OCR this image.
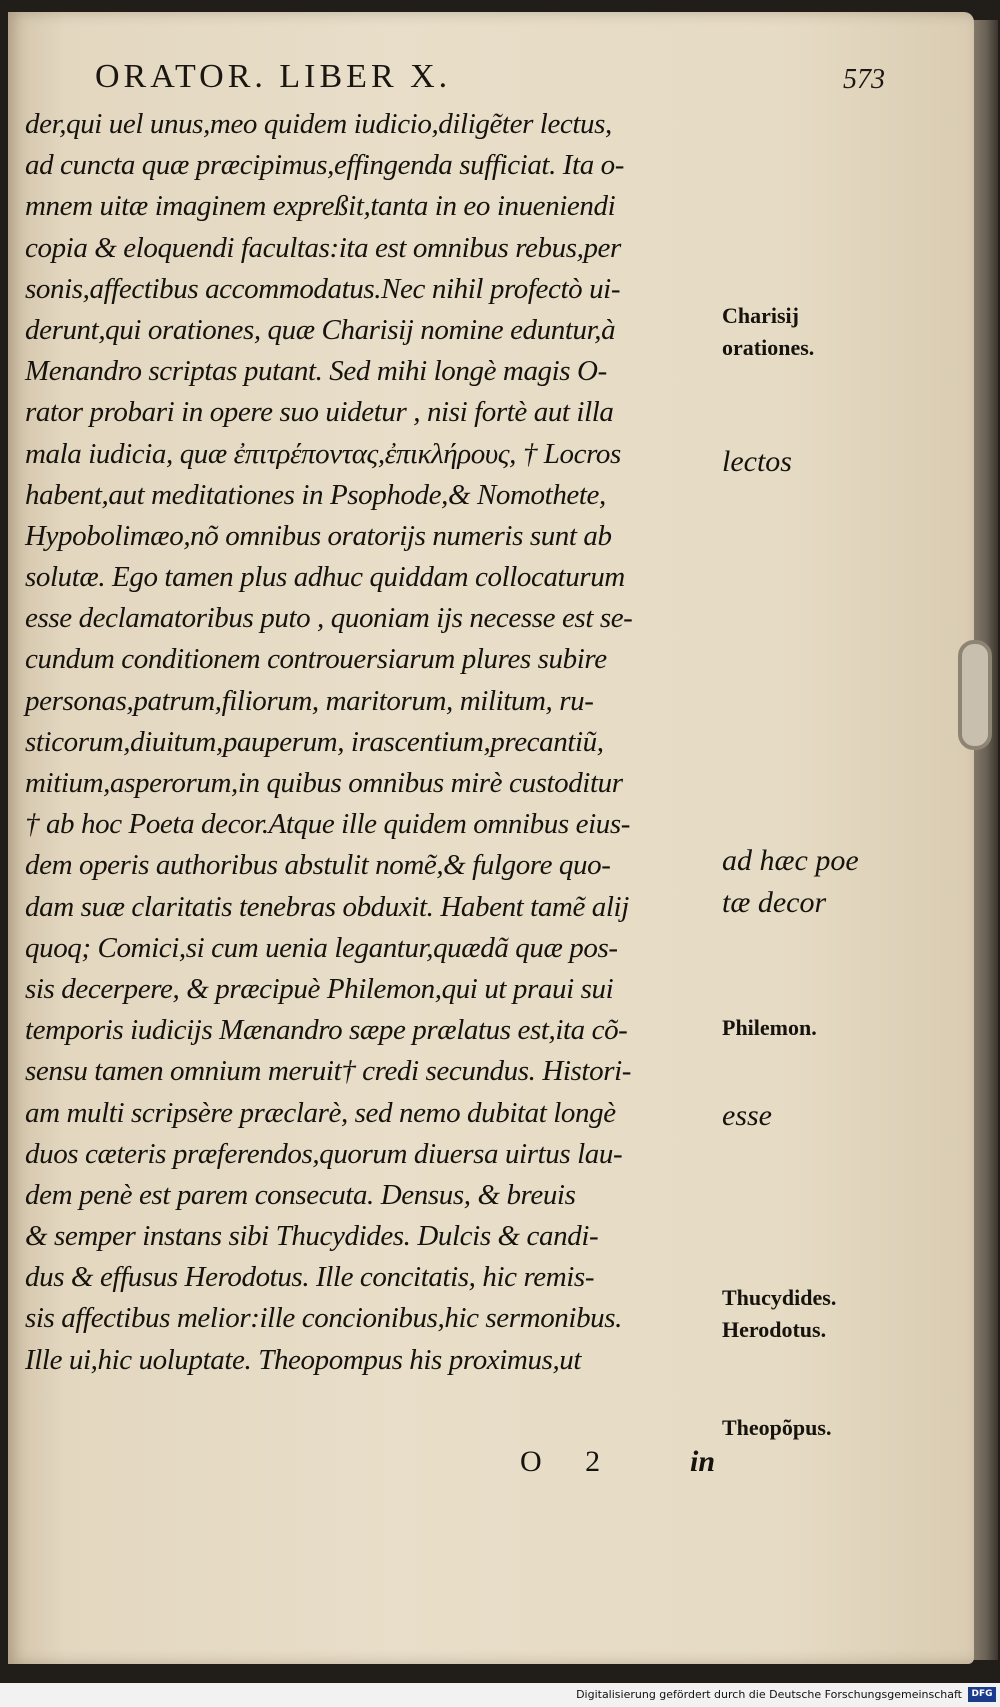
ORATOR. LIBER X.	573
der,qui uel unus,meo quidem iudicio,diligẽter lectus,
ad cuncta quæ præcipimus,effingenda sufficiat. Ita o-
mnem uitæ imaginem expreßit,tanta in eo inueniendi
copia & eloquendi facultas:ita est omnibus rebus,per
sonis,affectibus accommodatus.Nec nihil profectò ui-
derunt,qui orationes, quæ Charisij nomine eduntur,à
Menandro scriptas putant. Sed mihi longè magis O-
rator probari in opere suo uidetur , nisi fortè aut illa
mala iudicia, quæ ἐπιτρέποντας,ἐπικλήρους, † Locros
habent,aut meditationes in Psophode,& Nomothete,
Hypobolimæo,nõ omnibus oratorijs numeris sunt ab
solutæ. Ego tamen plus adhuc quiddam collocaturum
esse declamatoribus puto , quoniam ijs necesse est se-
cundum conditionem controuersiarum plures subire
personas,patrum,filiorum, maritorum, militum, ru-
sticorum,diuitum,pauperum, irascentium,precantiũ,
mitium,asperorum,in quibus omnibus mirè custoditur
† ab hoc Poeta decor.Atque ille quidem omnibus eius-
dem operis authoribus abstulit nomẽ,& fulgore quo-
dam suæ claritatis tenebras obduxit. Habent tamẽ alij
quoq; Comici,si cum uenia legantur,quædã quæ pos-
sis decerpere, & præcipuè Philemon,qui ut praui sui
temporis iudicijs Mænandro sæpe prælatus est,ita cõ-
sensu tamen omnium meruit† credi secundus. Histori-
am multi scripsère præclarè, sed nemo dubitat longè
duos cæteris præferendos,quorum diuersa uirtus lau-
dem penè est parem consecuta. Densus, & breuis
& semper instans sibi Thucydides. Dulcis & candi-
dus & effusus Herodotus. Ille concitatis, hic remis-
sis affectibus melior:ille concionibus,hic sermonibus.
Ille ui,hic uoluptate. Theopompus his proximus,ut
Charisij
orationes.
lectos
ad hæc poe
tæ decor
Philemon.
esse
Thucydides.
Herodotus.
Theopõpus.
O 2 in
Digitalisierung gefördert durch die Deutsche Forschungsgemeinschaft	DFG
